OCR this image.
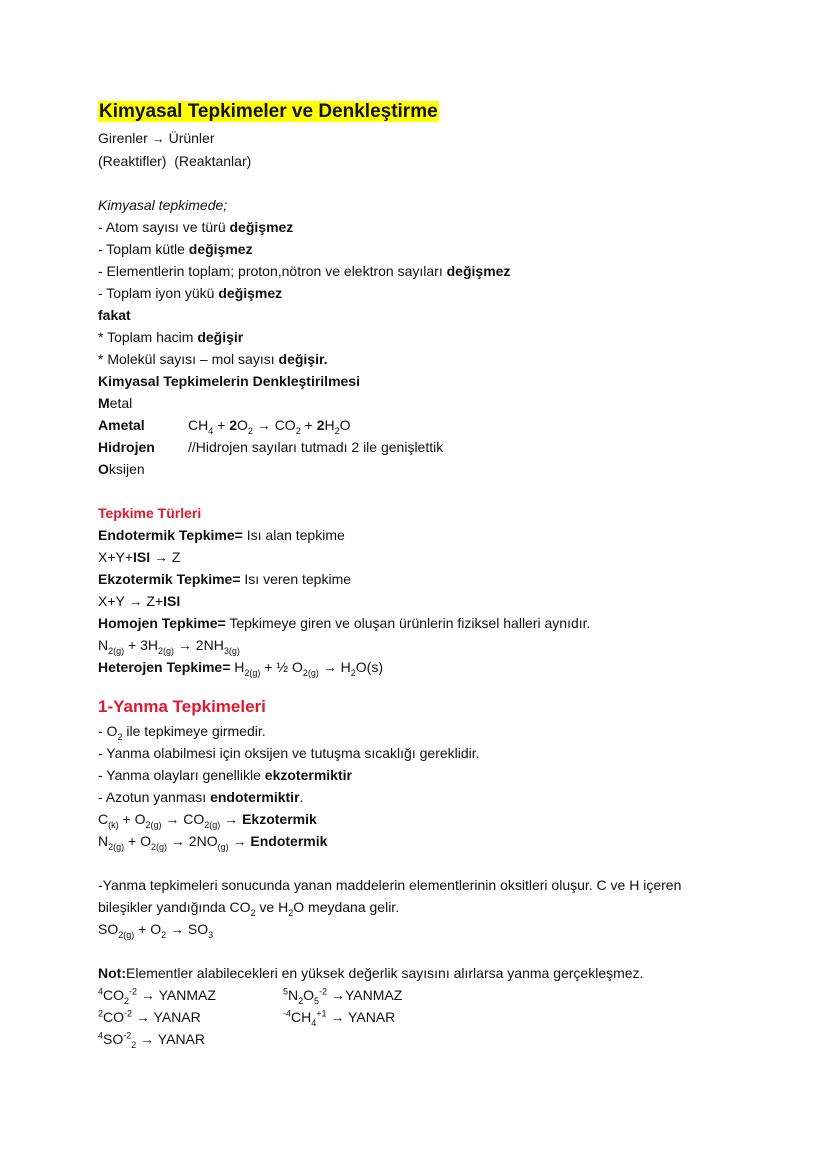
Kimyasal Tepkimeler ve Denkleştirme
Girenler → Ürünler
(Reaktifler) (Reaktanlar)
Kimyasal tepkimede;
- Atom sayısı ve türü değişmez
- Toplam kütle değişmez
- Elementlerin toplam; proton,nötron ve elektron sayıları değişmez
- Toplam iyon yükü değişmez
fakat
* Toplam hacim değişir
* Molekül sayısı – mol sayısı değişir.
Kimyasal Tepkimelerin Denkleştirilmesi
Metal
Ametal	$CH_4 + 2O_2 \to CO_2 + 2H_2O$
Hidrojen //Hidrojen sayıları tutmadı 2 ile genişlettik
Oksijen
Tepkime Türleri
Endotermik Tepkime= Isı alan tepkime
X+Y+ISI → Z
Ekzotermik Tepkime= Isı veren tepkime
X+Y → Z+ISI
Homojen Tepkime= Tepkimeye giren ve oluşan ürünlerin fiziksel halleri aynıdır.
$N_{2(g)} + 3H_{2(g)} \to 2NH_{3(g)}$
Heterojen Tepkime= $H_{2(g)}$ + ½ $O_{2(g)} \to H_2O(s)$
1-Yanma Tepkimeleri
- $O_2$ ile tepkimeye girmedir.
- Yanma olabilmesi için oksijen ve tutuşma sıcaklığı gereklidir.
- Yanma olayları genellikle ekzotermiktir
- Azotun yanması endotermiktir.
$C_{(k)} + O_{2(g)} \to CO_{2(g)}$ → Ekzotermik
$N_{2(g)} + O_{2(g)} \to 2NO_{(g)}$ → Endotermik
-Yanma tepkimeleri sonucunda yanan maddelerin elementlerinin oksitleri oluşur. C ve H içeren bileşikler yandığında $CO_2$ ve $H_2O$ meydana gelir.
$SO_{2(g)} + O_2 \to SO_3$
Not:Elementler alabilecekleri en yüksek değerlik sayısını alırlarsa yanma gerçekleşmez.
$^4CO_2^{-2}$ → YANMAZ	$^5N_2O_5^{-2}$ →YANMAZ
$^2CO^{-2}$ → YANAR	$^{-4}CH_4^{+1}$ → YANAR
$^4SO^{-2}_2$ → YANAR
